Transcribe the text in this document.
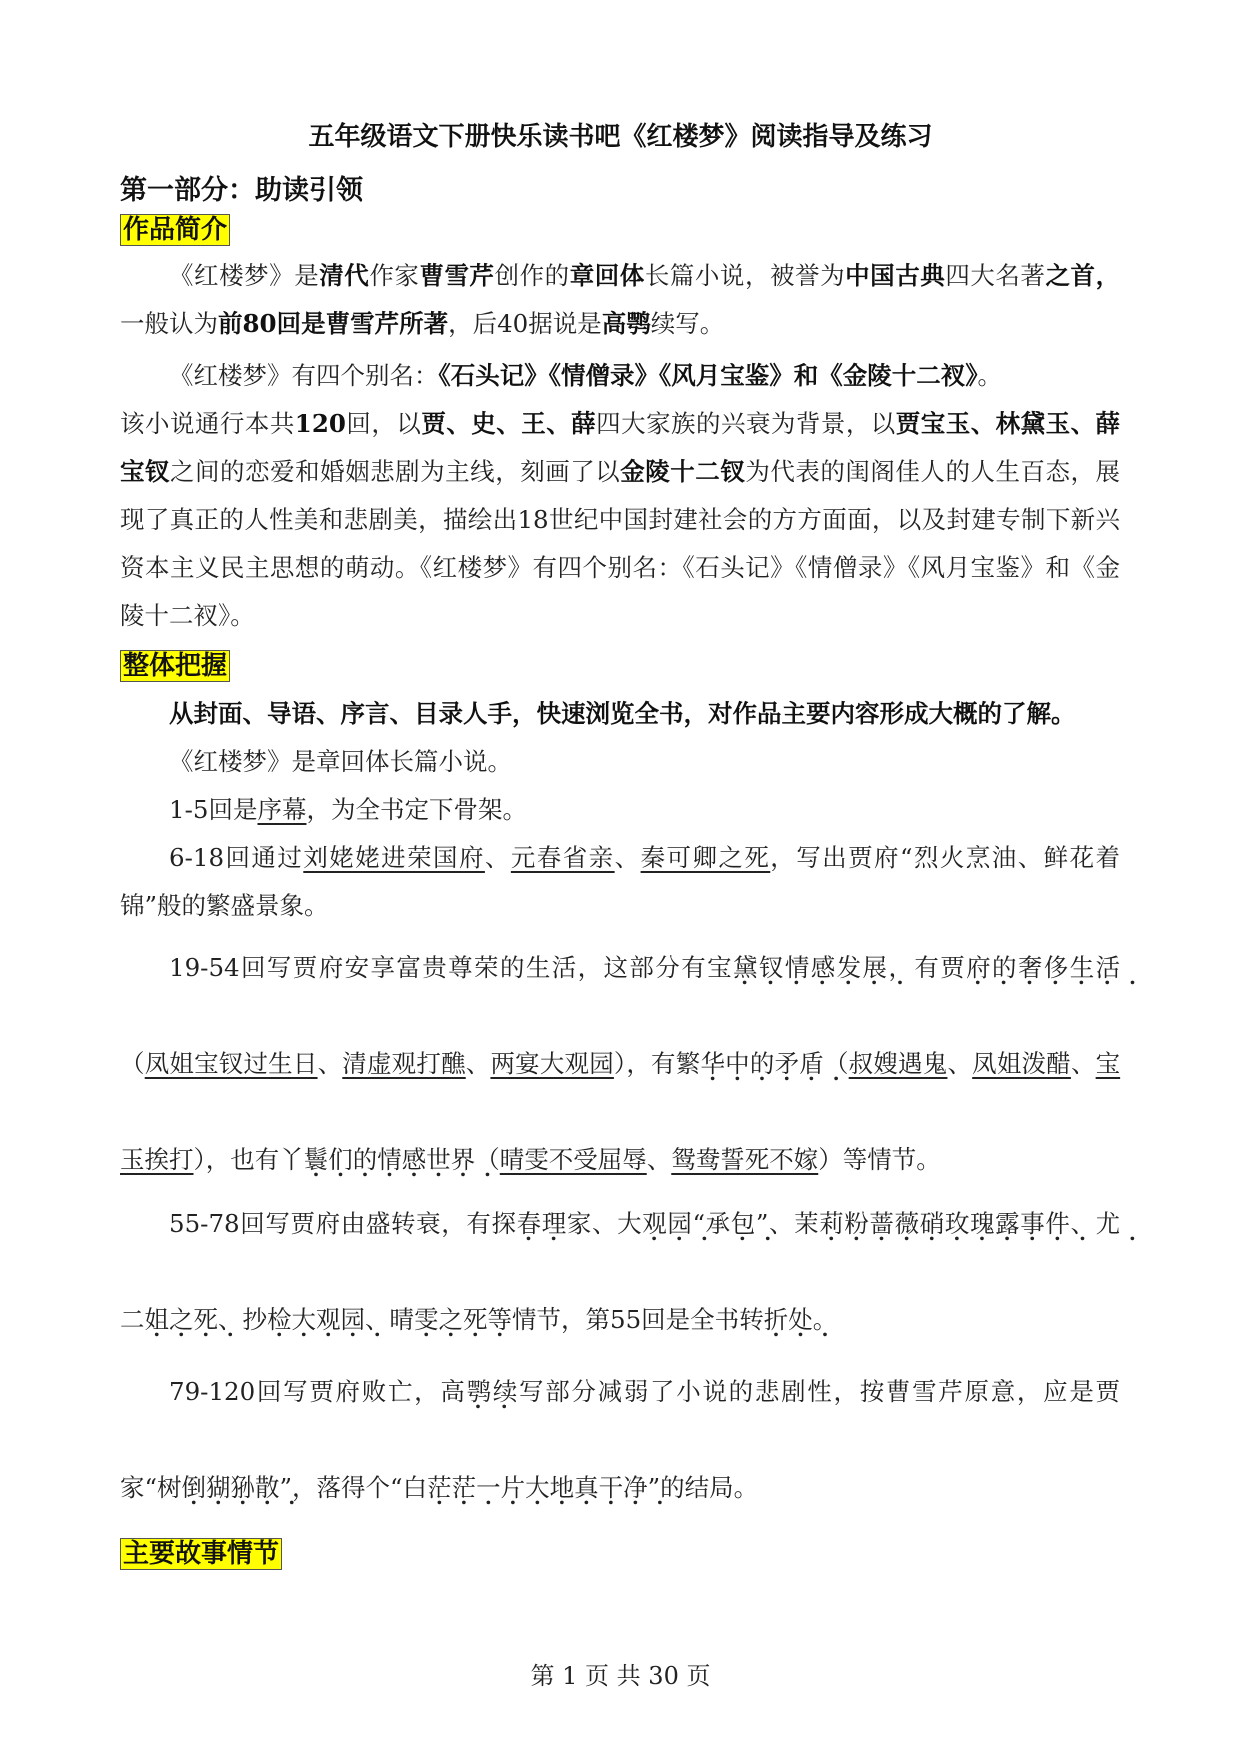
五年级语文下册快乐读书吧《红楼梦》阅读指导及练习
第一部分：助读引领
作品简介
《红楼梦》是清代作家曹雪芹创作的章回体长篇小说，被誉为中国古典四大名著之首，一般认为前80回是曹雪芹所著，后40据说是高鹗续写。
《红楼梦》有四个别名：《石头记》《情僧录》《风月宝鉴》和《金陵十二衩》。
该小说通行本共120回，以贾、史、王、薛四大家族的兴衰为背景，以贾宝玉、林黛玉、薛宝钗之间的恋爱和婚姻悲剧为主线，刻画了以金陵十二钗为代表的闺阁佳人的人生百态，展现了真正的人性美和悲剧美，描绘出18世纪中国封建社会的方方面面，以及封建专制下新兴资本主义民主思想的萌动。《红楼梦》有四个别名：《石头记》《情僧录》《风月宝鉴》和《金陵十二衩》。
整体把握
从封面、导语、序言、目录人手，快速浏览全书，对作品主要内容形成大概的了解。
《红楼梦》是章回体长篇小说。
1-5回是序幕，为全书定下骨架。
6-18回通过刘姥姥进荣国府、元春省亲、秦可卿之死，写出贾府“烈火烹油、鲜花着锦”般的繁盛景象。
19-54回写贾府安享富贵尊荣的生活，这部分有宝黛钗情感发展，有贾府的奢侈生活（凤姐宝钗过生日、清虚观打醮、两宴大观园），有繁华中的矛盾（叔嫂遇鬼、凤姐泼醋、宝玉挨打），也有丫鬟们的情感世界（晴雯不受屈辱、鸳鸯誓死不嫁）等情节。
55-78回写贾府由盛转衰，有探春理家、大观园“承包”、茉莉粉蔷薇硝玫瑰露事件、尤二姐之死、抄检大观园、晴雯之死等情节，第55回是全书转折处。
79-120回写贾府败亡，高鹗续写部分减弱了小说的悲剧性，按曹雪芹原意，应是贾家“树倒猢狲散”，落得个“白茫茫一片大地真干净”的结局。
主要故事情节
第 1 页 共 30 页
